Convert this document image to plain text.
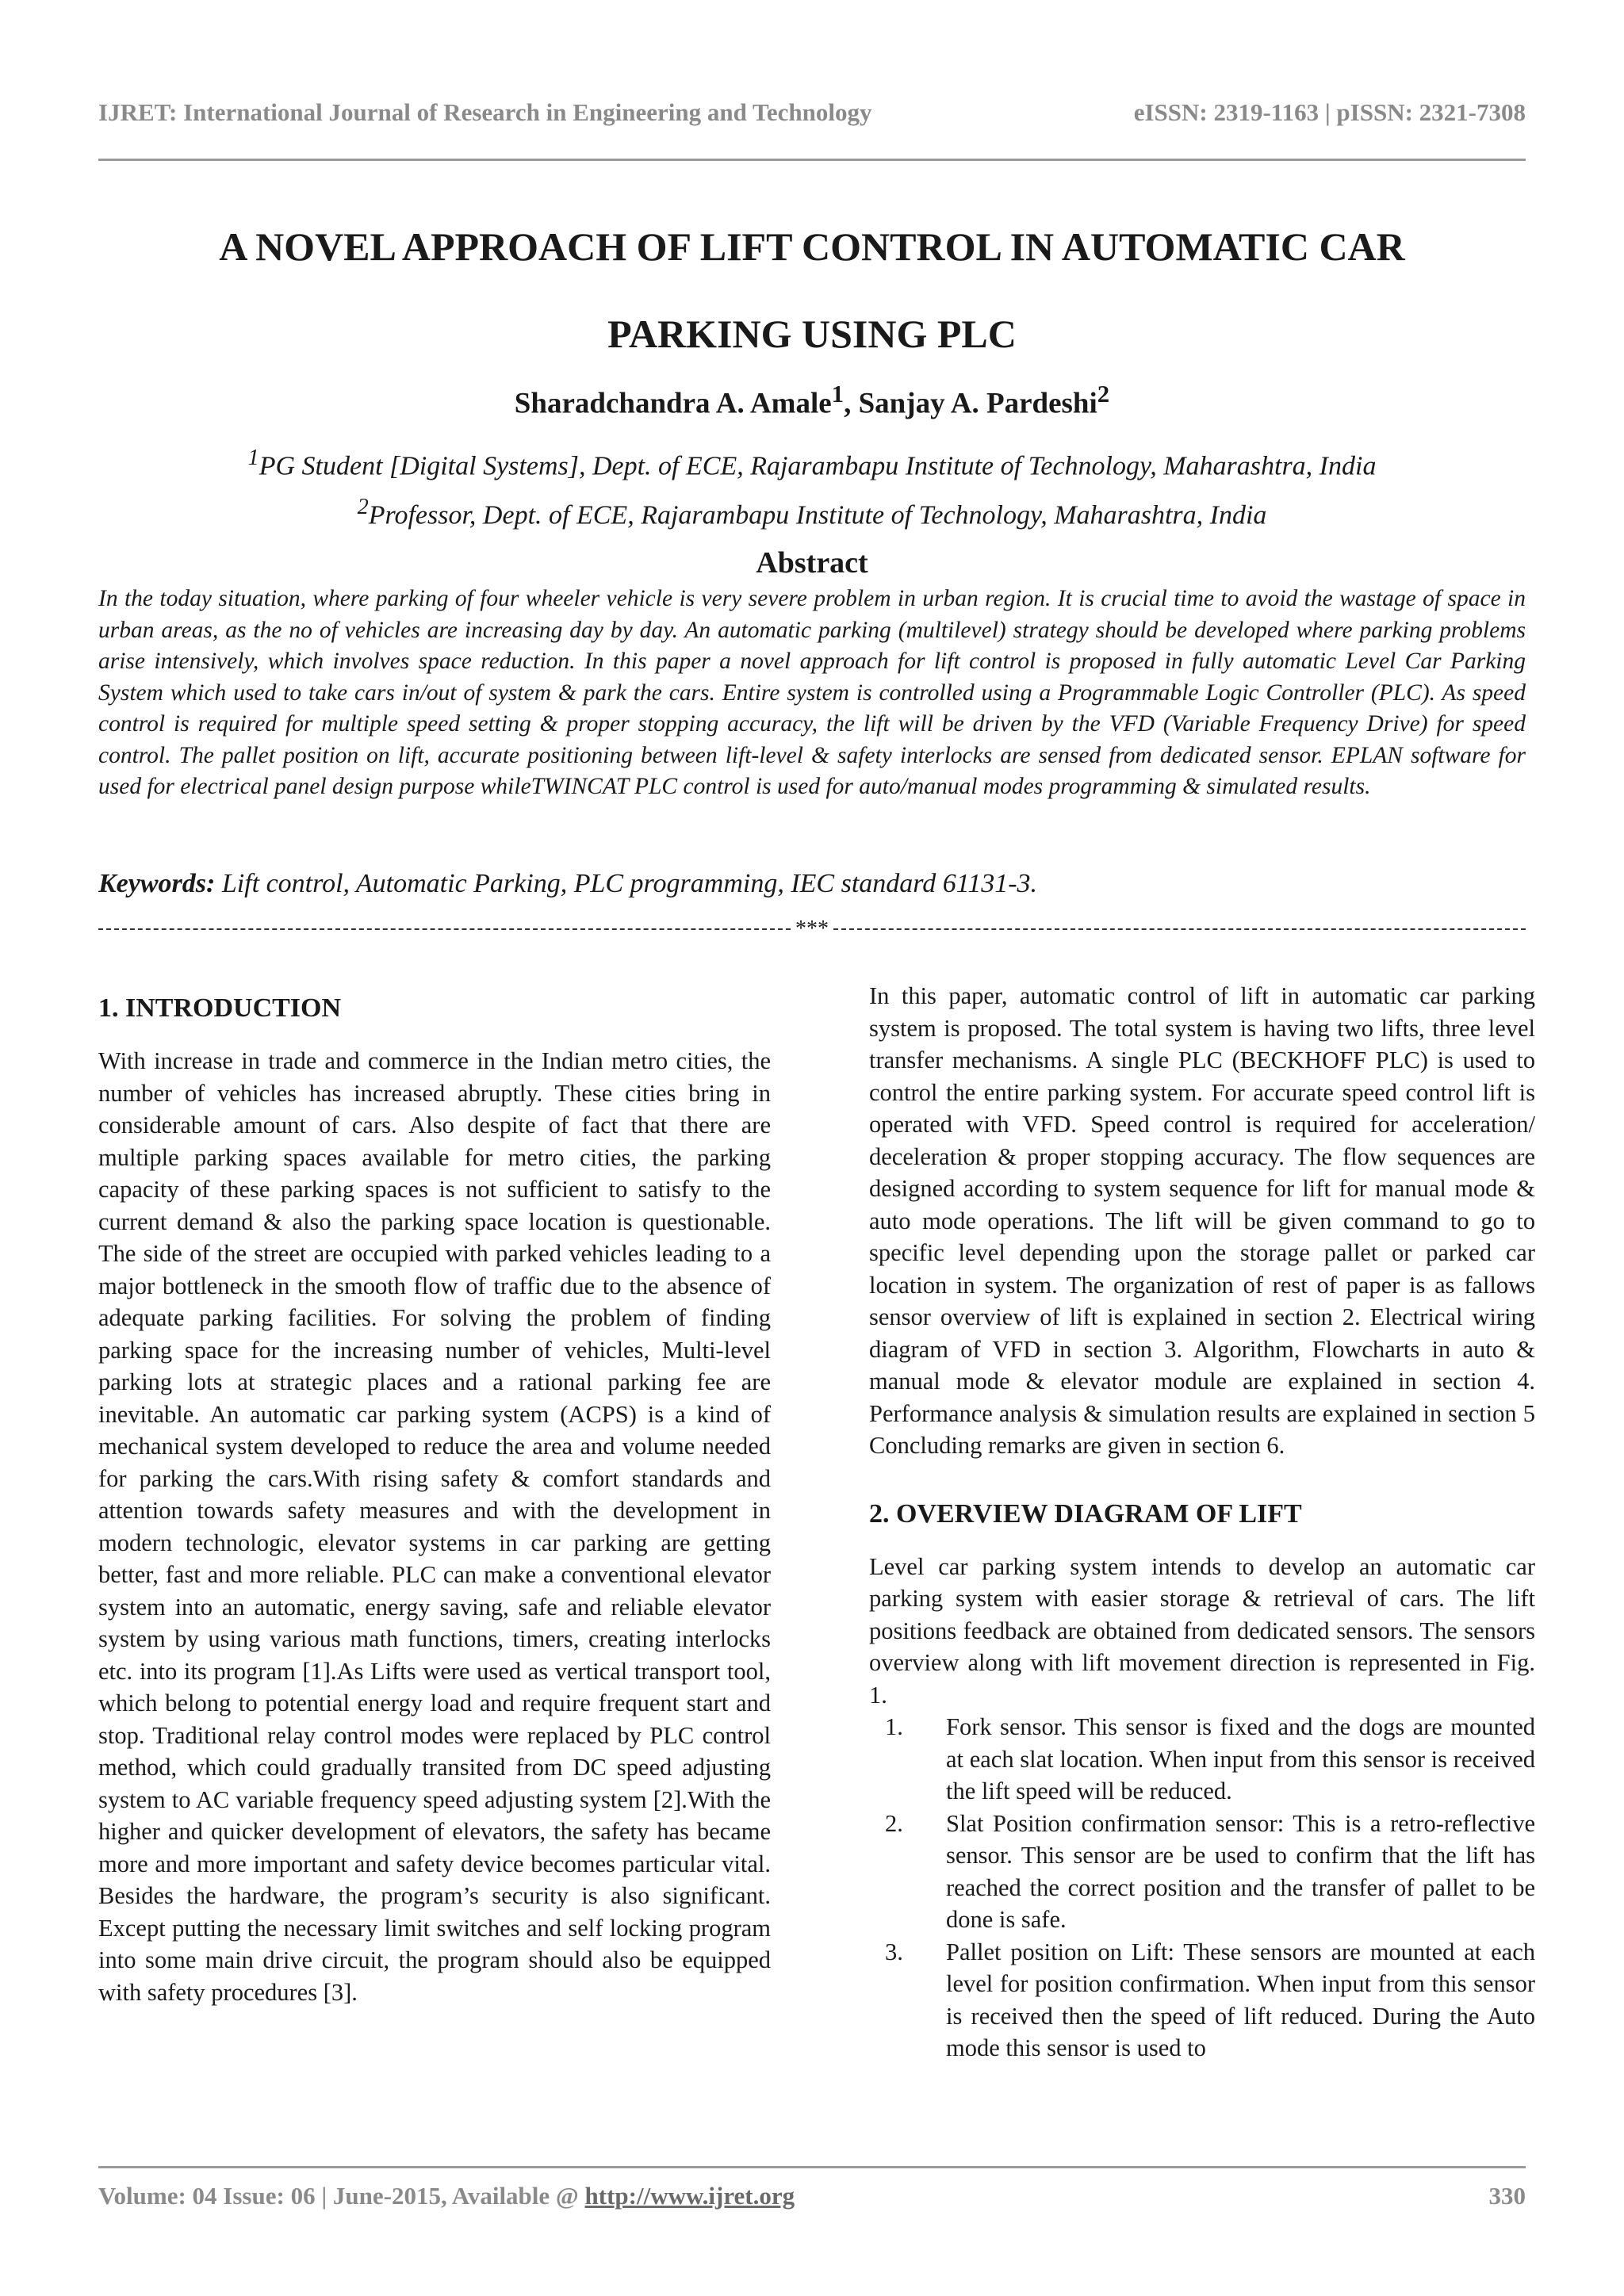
IJRET: International Journal of Research in Engineering and Technology	eISSN: 2319-1163 | pISSN: 2321-7308
A NOVEL APPROACH OF LIFT CONTROL IN AUTOMATIC CAR
PARKING USING PLC
Sharadchandra A. Amale$^1$, Sanjay A. Pardeshi$^2$
$^1$PG Student [Digital Systems], Dept. of ECE, Rajarambapu Institute of Technology, Maharashtra, India
$^2$Professor, Dept. of ECE, Rajarambapu Institute of Technology, Maharashtra, India
Abstract
In the today situation, where parking of four wheeler vehicle is very severe problem in urban region. It is crucial time to avoid the wastage of space in urban areas, as the no of vehicles are increasing day by day. An automatic parking (multilevel) strategy should be developed where parking problems arise intensively, which involves space reduction. In this paper a novel approach for lift control is proposed in fully automatic Level Car Parking System which used to take cars in/out of system & park the cars. Entire system is controlled using a Programmable Logic Controller (PLC). As speed control is required for multiple speed setting & proper stopping accuracy, the lift will be driven by the VFD (Variable Frequency Drive) for speed control. The pallet position on lift, accurate positioning between lift-level & safety interlocks are sensed from dedicated sensor. EPLAN software for used for electrical panel design purpose whileTWINCAT PLC control is used for auto/manual modes programming & simulated results.
Keywords: Lift control, Automatic Parking, PLC programming, IEC standard 61131-3.
***
1. INTRODUCTION

With increase in trade and commerce in the Indian metro cities, the number of vehicles has increased abruptly. These cities bring in considerable amount of cars. Also despite of fact that there are multiple parking spaces available for metro cities, the parking capacity of these parking spaces is not sufficient to satisfy to the current demand & also the parking space location is questionable. The side of the street are occupied with parked vehicles leading to a major bottleneck in the smooth flow of traffic due to the absence of adequate parking facilities. For solving the problem of finding parking space for the increasing number of vehicles, Multi-level parking lots at strategic places and a rational parking fee are inevitable. An automatic car parking system (ACPS) is a kind of mechanical system developed to reduce the area and volume needed for parking the cars.With rising safety & comfort standards and attention towards safety measures and with the development in modern technologic, elevator systems in car parking are getting better, fast and more reliable. PLC can make a conventional elevator system into an automatic, energy saving, safe and reliable elevator system by using various math functions, timers, creating interlocks etc. into its program [1].As Lifts were used as vertical transport tool, which belong to potential energy load and require frequent start and stop. Traditional relay control modes were replaced by PLC control method, which could gradually transited from DC speed adjusting system to AC variable frequency speed adjusting system [2].With the higher and quicker development of elevators, the safety has became more and more important and safety device becomes particular vital. Besides the hardware, the program’s security is also significant. Except putting the necessary limit switches and self locking program into some main drive circuit, the program should also be equipped with safety procedures [3].

In this paper, automatic control of lift in automatic car parking system is proposed. The total system is having two lifts, three level transfer mechanisms. A single PLC (BECKHOFF PLC) is used to control the entire parking system. For accurate speed control lift is operated with VFD. Speed control is required for acceleration/ deceleration & proper stopping accuracy. The flow sequences are designed according to system sequence for lift for manual mode & auto mode operations. The lift will be given command to go to specific level depending upon the storage pallet or parked car location in system. The organization of rest of paper is as fallows sensor overview of lift is explained in section 2. Electrical wiring diagram of VFD in section 3. Algorithm, Flowcharts in auto & manual mode & elevator module are explained in section 4. Performance analysis & simulation results are explained in section 5 Concluding remarks are given in section 6.

2. OVERVIEW DIAGRAM OF LIFT

Level car parking system intends to develop an automatic car parking system with easier storage & retrieval of cars. The lift positions feedback are obtained from dedicated sensors. The sensors overview along with lift movement direction is represented in Fig. 1.

1.	Fork sensor. This sensor is fixed and the dogs are mounted at each slat location. When input from this sensor is received the lift speed will be reduced.
2.	Slat Position confirmation sensor: This is a retro-reflective sensor. This sensor are be used to confirm that the lift has reached the correct position and the transfer of pallet to be done is safe.
3.	Pallet position on Lift: These sensors are mounted at each level for position confirmation. When input from this sensor is received then the speed of lift reduced. During the Auto mode this sensor is used to
Volume: 04 Issue: 06 | June-2015, Available @ http://www.ijret.org	330
